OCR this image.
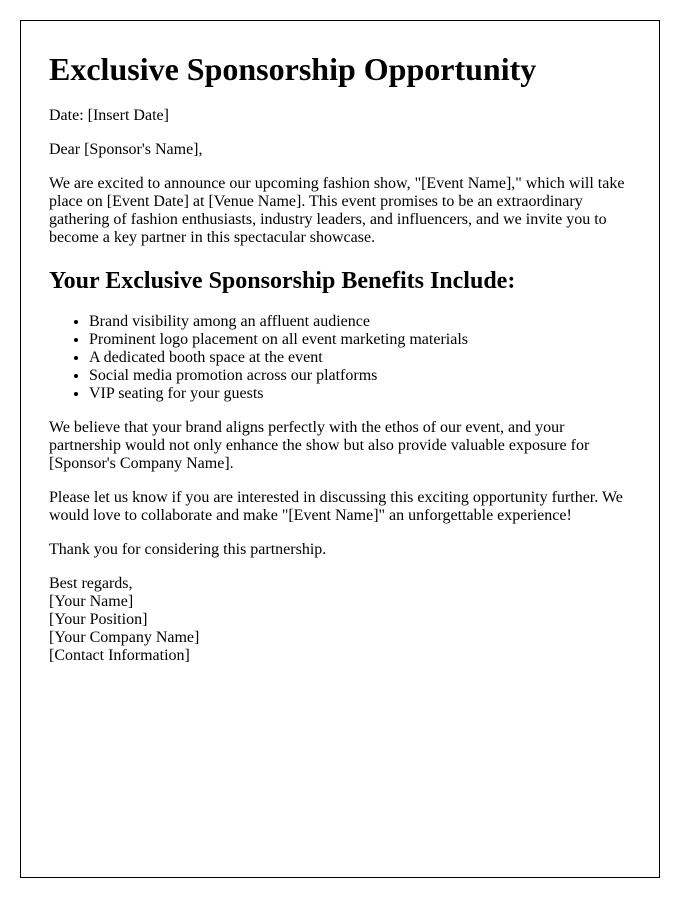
Exclusive Sponsorship Opportunity

Date: [Insert Date]

Dear [Sponsor's Name],

We are excited to announce our upcoming fashion show, "[Event Name]," which will take place on [Event Date] at [Venue Name]. This event promises to be an extraordinary gathering of fashion enthusiasts, industry leaders, and influencers, and we invite you to become a key partner in this spectacular showcase.

Your Exclusive Sponsorship Benefits Include:
• Brand visibility among an affluent audience
• Prominent logo placement on all event marketing materials
• A dedicated booth space at the event
• Social media promotion across our platforms
• VIP seating for your guests

We believe that your brand aligns perfectly with the ethos of our event, and your partnership would not only enhance the show but also provide valuable exposure for [Sponsor's Company Name].

Please let us know if you are interested in discussing this exciting opportunity further. We would love to collaborate and make "[Event Name]" an unforgettable experience!

Thank you for considering this partnership.

Best regards,
[Your Name]
[Your Position]
[Your Company Name]
[Contact Information]
